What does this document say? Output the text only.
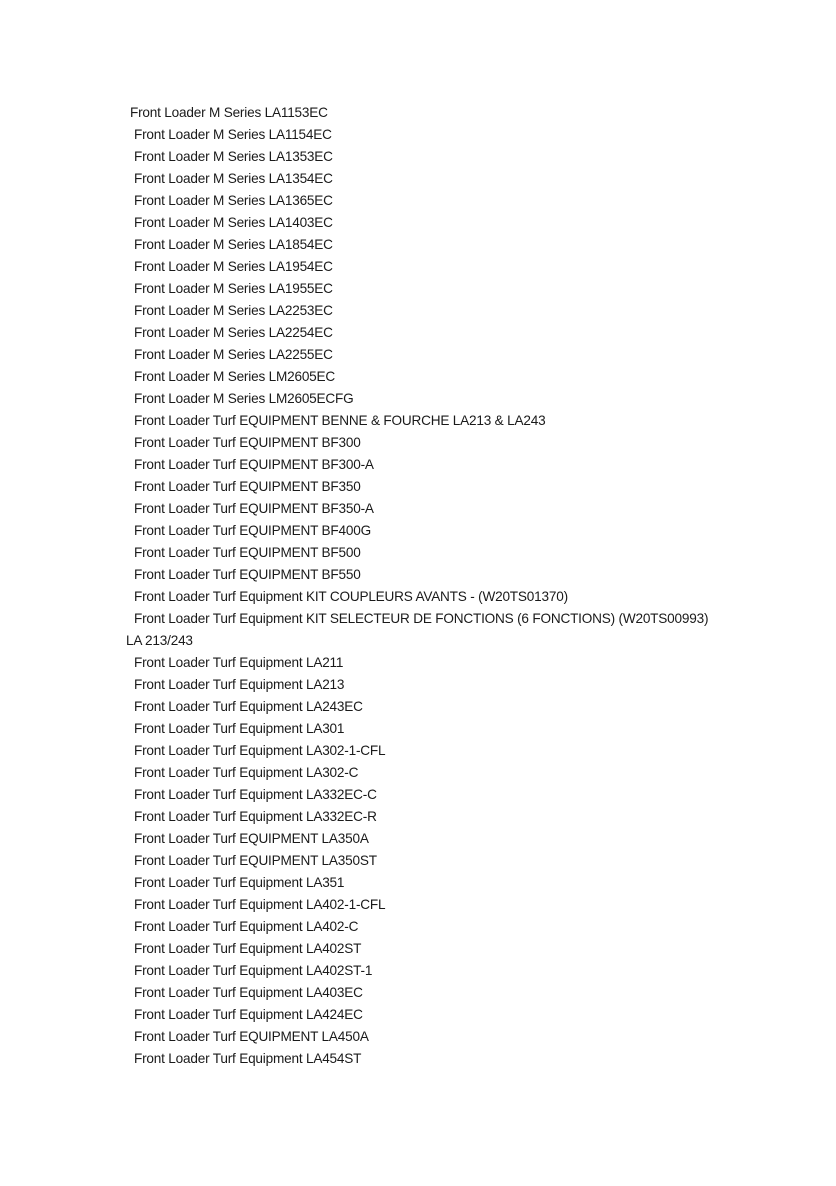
Front Loader M Series LA1153EC
Front Loader M Series LA1154EC
Front Loader M Series LA1353EC
Front Loader M Series LA1354EC
Front Loader M Series LA1365EC
Front Loader M Series LA1403EC
Front Loader M Series LA1854EC
Front Loader M Series LA1954EC
Front Loader M Series LA1955EC
Front Loader M Series LA2253EC
Front Loader M Series LA2254EC
Front Loader M Series LA2255EC
Front Loader M Series LM2605EC
Front Loader M Series LM2605ECFG
Front Loader Turf EQUIPMENT BENNE & FOURCHE LA213 & LA243
Front Loader Turf EQUIPMENT BF300
Front Loader Turf EQUIPMENT BF300-A
Front Loader Turf EQUIPMENT BF350
Front Loader Turf EQUIPMENT BF350-A
Front Loader Turf EQUIPMENT BF400G
Front Loader Turf EQUIPMENT BF500
Front Loader Turf EQUIPMENT BF550
Front Loader Turf Equipment KIT COUPLEURS AVANTS - (W20TS01370)
Front Loader Turf Equipment KIT SELECTEUR DE FONCTIONS (6 FONCTIONS) (W20TS00993)
LA 213/243
Front Loader Turf Equipment LA211
Front Loader Turf Equipment LA213
Front Loader Turf Equipment LA243EC
Front Loader Turf Equipment LA301
Front Loader Turf Equipment LA302-1-CFL
Front Loader Turf Equipment LA302-C
Front Loader Turf Equipment LA332EC-C
Front Loader Turf Equipment LA332EC-R
Front Loader Turf EQUIPMENT LA350A
Front Loader Turf EQUIPMENT LA350ST
Front Loader Turf Equipment LA351
Front Loader Turf Equipment LA402-1-CFL
Front Loader Turf Equipment LA402-C
Front Loader Turf Equipment LA402ST
Front Loader Turf Equipment LA402ST-1
Front Loader Turf Equipment LA403EC
Front Loader Turf Equipment LA424EC
Front Loader Turf EQUIPMENT LA450A
Front Loader Turf Equipment LA454ST
